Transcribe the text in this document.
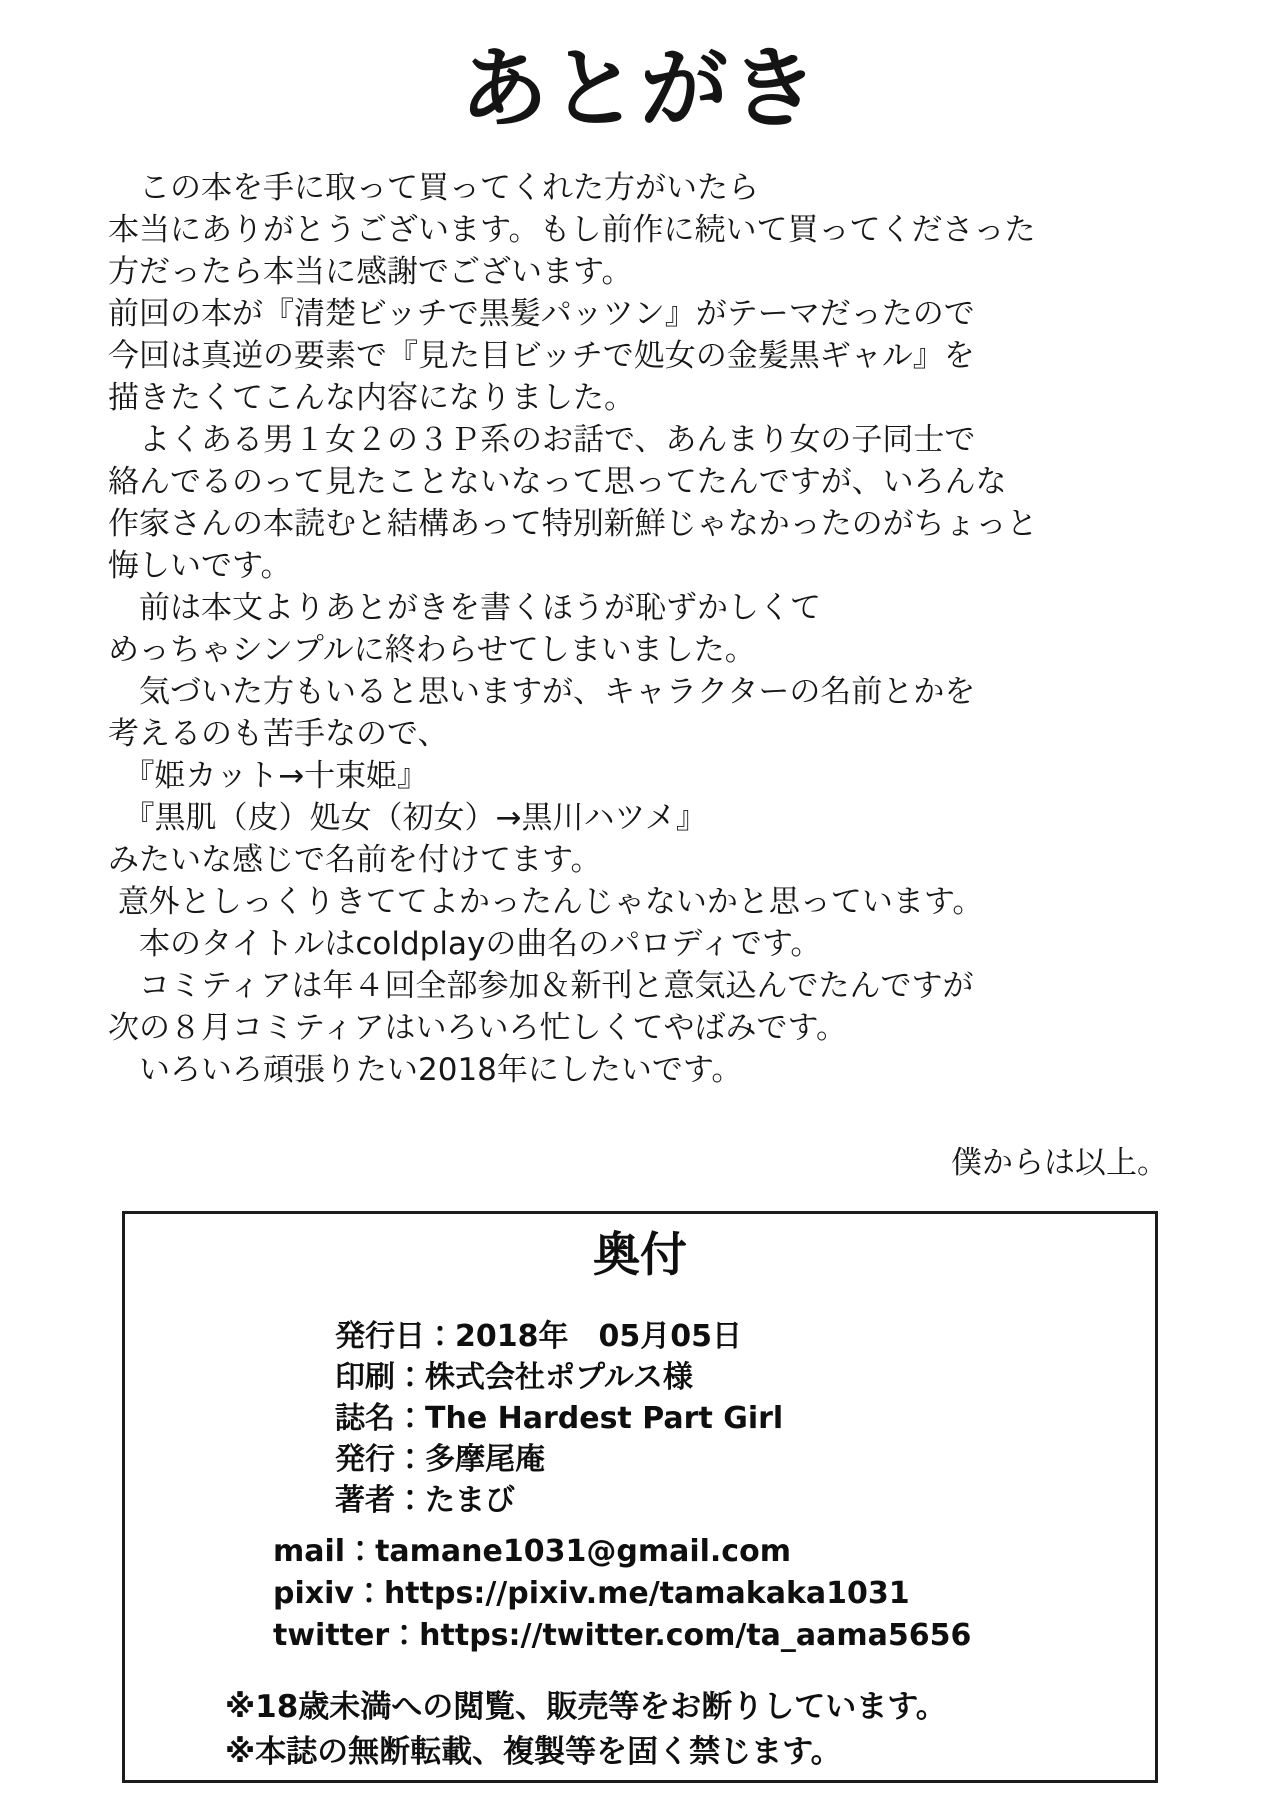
あとがき
　この本を手に取って買ってくれた方がいたら
本当にありがとうございます。もし前作に続いて買ってくださった
方だったら本当に感謝でございます。
前回の本が『清楚ビッチで黒髪パッツン』がテーマだったので
今回は真逆の要素で『見た目ビッチで処女の金髪黒ギャル』を
描きたくてこんな内容になりました。
　よくある男１女２の３Ｐ系のお話で、あんまり女の子同士で
絡んでるのって見たことないなって思ってたんですが、いろんな
作家さんの本読むと結構あって特別新鮮じゃなかったのがちょっと
悔しいです。
　前は本文よりあとがきを書くほうが恥ずかしくて
めっちゃシンプルに終わらせてしまいました。
　気づいた方もいると思いますが、キャラクターの名前とかを
考えるのも苦手なので、
　『姫カット→十束姫』
　『黒肌（皮）処女（初女）→黒川ハツメ』
みたいな感じで名前を付けてます。
意外としっくりきててよかったんじゃないかと思っています。
　本のタイトルはcoldplayの曲名のパロディです。
　コミティアは年４回全部参加＆新刊と意気込んでたんですが
次の８月コミティアはいろいろ忙しくてやばみです。
　いろいろ頑張りたい2018年にしたいです。
僕からは以上。
奥付
発行日：2018年　05月05日
印刷：株式会社ポプルス様
誌名：The Hardest Part Girl
発行：多摩尾庵
著者：たまび
mail：tamane1031@gmail.com
pixiv：https://pixiv.me/tamakaka1031
twitter：https://twitter.com/ta_aama5656
※18歳未満への閲覧、販売等をお断りしています。
※本誌の無断転載、複製等を固く禁じます。
